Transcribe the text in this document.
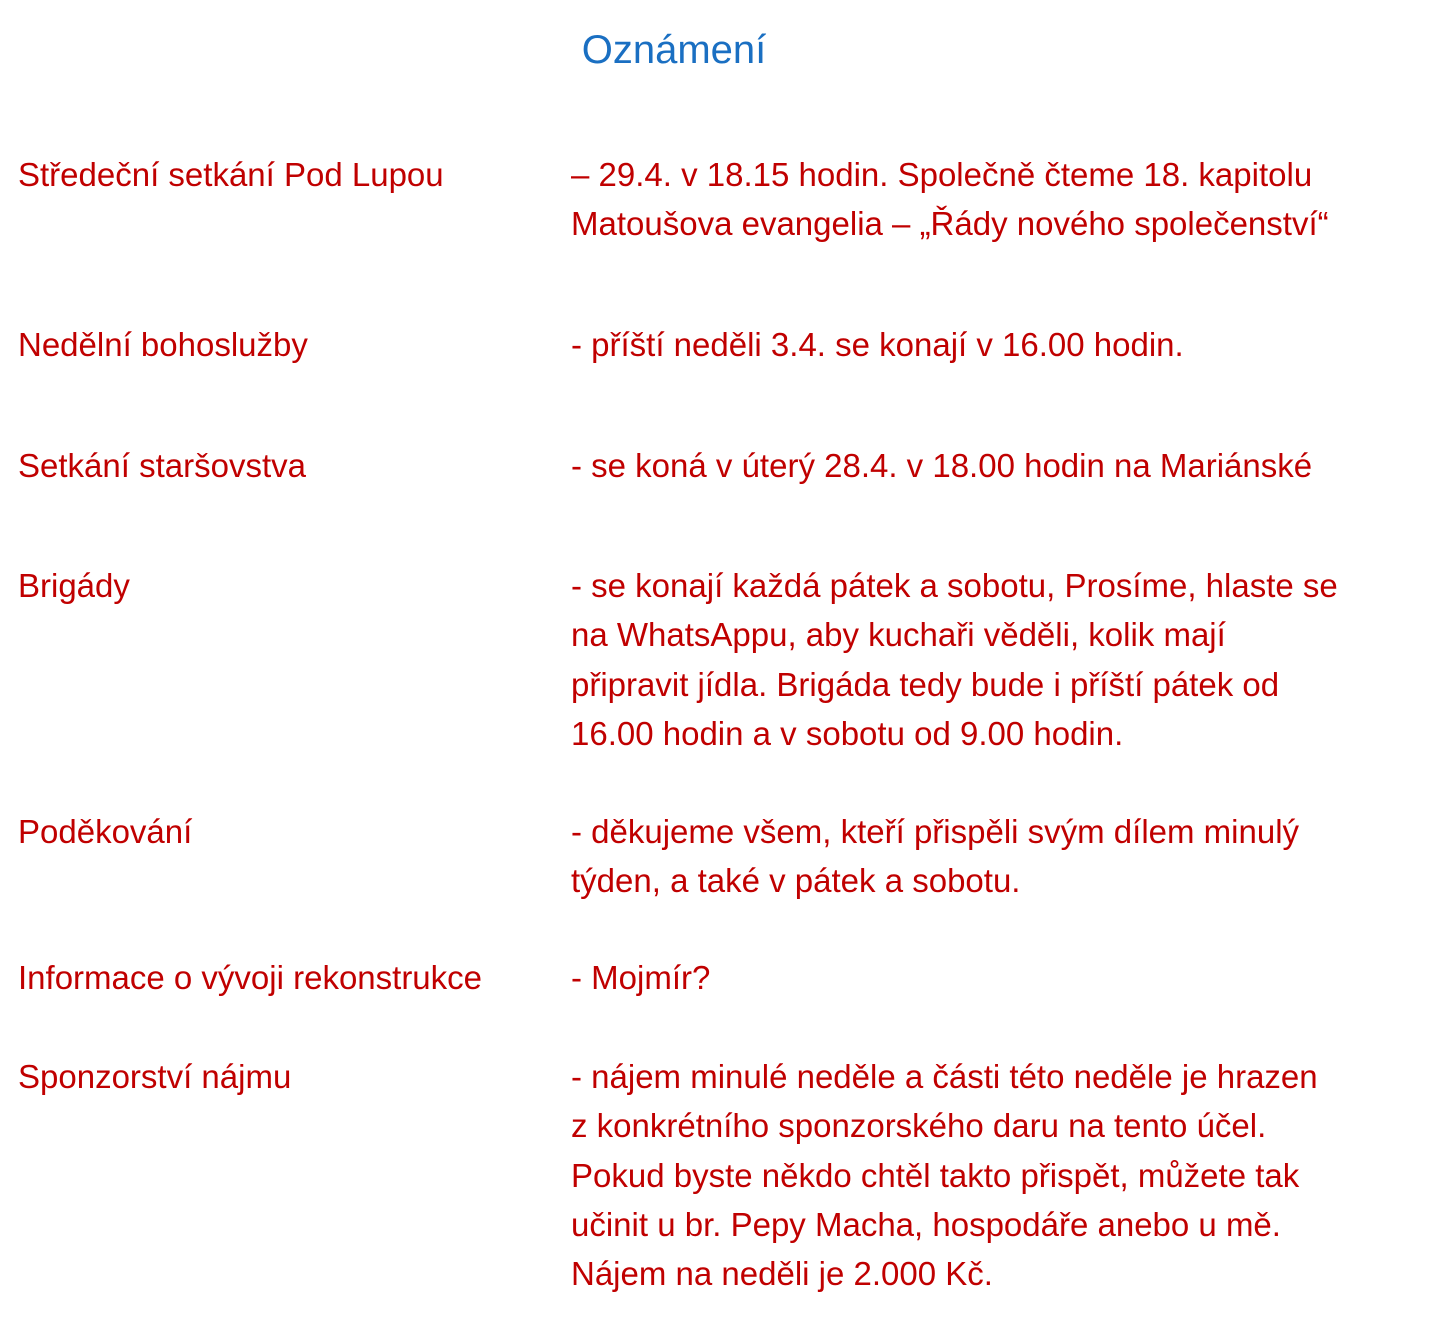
Oznámení
Středeční setkání Pod Lupou	– 29.4. v 18.15 hodin. Společně čteme 18. kapitolu
Matoušova evangelia – „Řády nového společenství“
Nedělní bohoslužby	- příští neděli 3.4. se konají v 16.00 hodin.
Setkání staršovstva	- se koná v úterý 28.4. v 18.00 hodin na Mariánské
Brigády	- se konají každá pátek a sobotu, Prosíme, hlaste se
na WhatsAppu, aby kuchaři věděli, kolik mají
připravit jídla. Brigáda tedy bude i příští pátek od
16.00 hodin a v sobotu od 9.00 hodin.
Poděkování	- děkujeme všem, kteří přispěli svým dílem minulý
týden, a také v pátek a sobotu.
Informace o vývoji rekonstrukce	- Mojmír?
Sponzorství nájmu	- nájem minulé neděle a části této neděle je hrazen
z konkrétního sponzorského daru na tento účel.
Pokud byste někdo chtěl takto přispět, můžete tak
učinit u br. Pepy Macha, hospodáře anebo u mě.
Nájem na neděli je 2.000 Kč.
